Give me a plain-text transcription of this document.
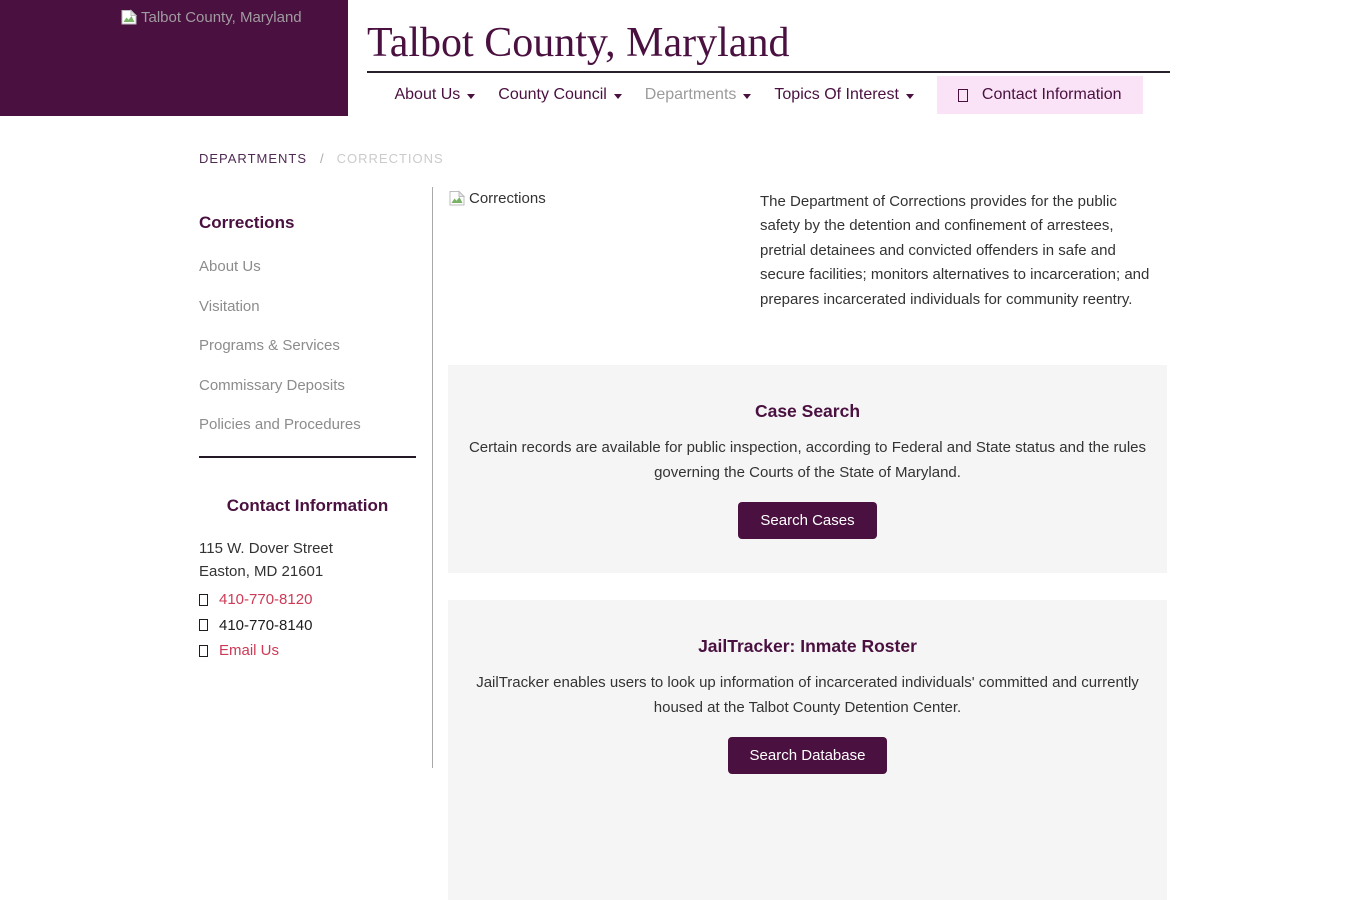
Talbot County, Maryland
Talbot County, Maryland
About Us County Council Departments Topics Of Interest	Contact Information
DEPARTMENTS / CORRECTIONS
Corrections
About Us
Visitation
Programs & Services
Commissary Deposits
Policies and Procedures
Contact Information
115 W. Dover Street
Easton, MD 21601
410-770-8120
410-770-8140
Email Us
Corrections	The Department of Corrections provides for the public safety by the detention and confinement of arrestees, pretrial detainees and convicted offenders in safe and secure facilities; monitors alternatives to incarceration; and prepares incarcerated individuals for community reentry.
Case Search
Certain records are available for public inspection, according to Federal and State status and the rules governing the Courts of the State of Maryland.
Search Cases
JailTracker: Inmate Roster
JailTracker enables users to look up information of incarcerated individuals' committed and currently housed at the Talbot County Detention Center.
Search Database
